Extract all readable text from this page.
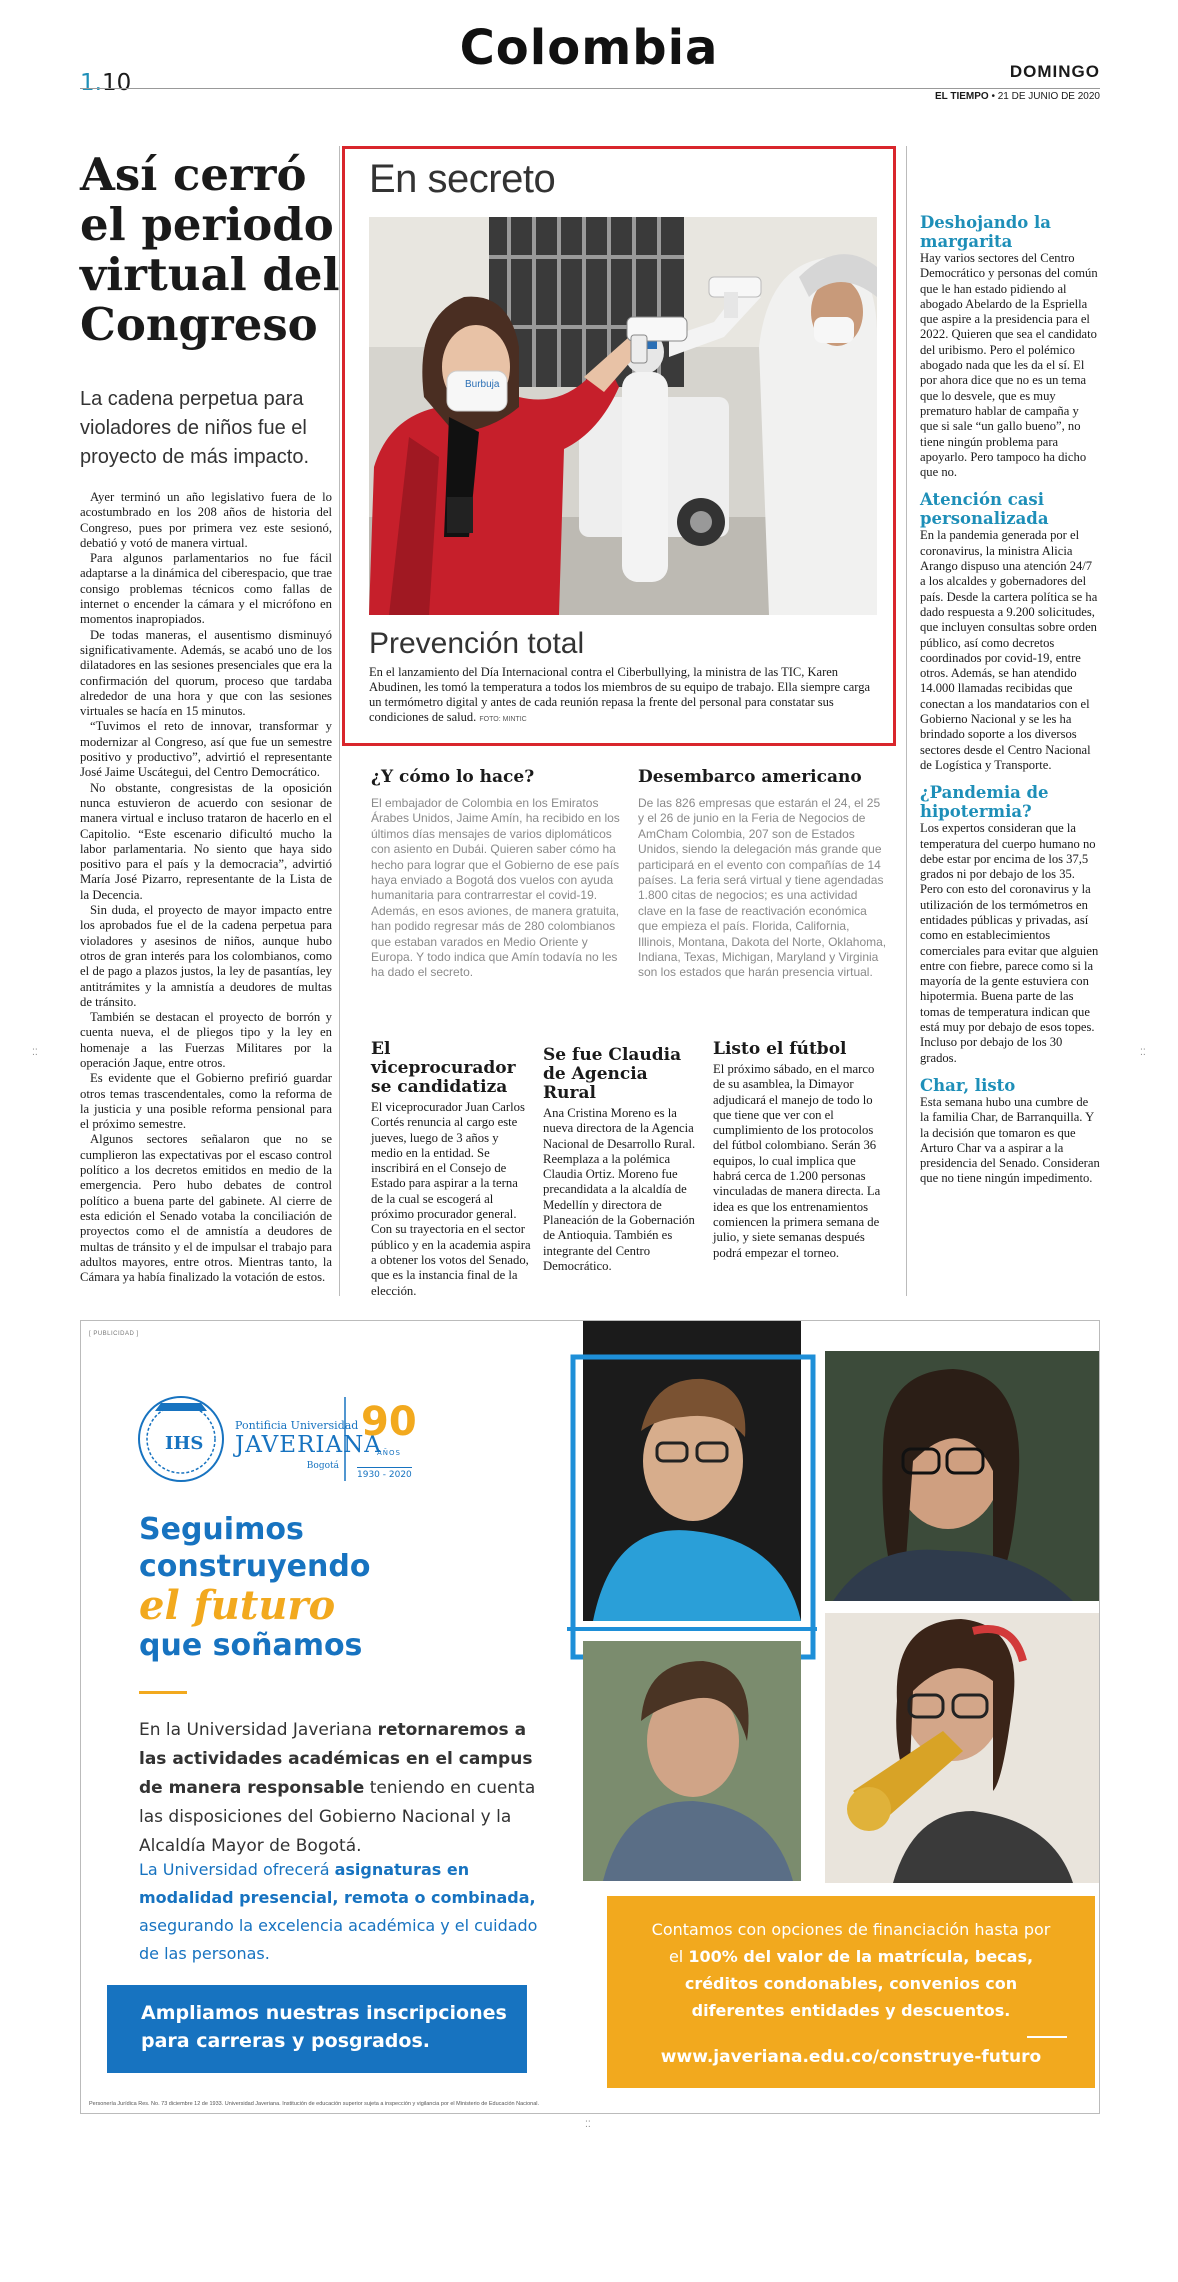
1.10
Colombia	DOMINGO
EL TIEMPO • 21 DE JUNIO DE 2020
Así cerró el periodo virtual del Congreso
La cadena perpetua para violadores de niños fue el proyecto de más impacto.

Ayer terminó un año legislativo fuera de lo acostumbrado en los 208 años de historia del Congreso, pues por primera vez este sesionó, debatió y votó de manera virtual.

Para algunos parlamentarios no fue fácil adaptarse a la dinámica del ciberespacio, que trae consigo problemas técnicos como fallas de internet o encender la cámara y el micrófono en momentos inapropiados.

De todas maneras, el ausentismo disminuyó significativamente. Además, se acabó uno de los dilatadores en las sesiones presenciales que era la confirmación del quorum, proceso que tardaba alrededor de una hora y que con las sesiones virtuales se hacía en 15 minutos.

“Tuvimos el reto de innovar, transformar y modernizar al Congreso, así que fue un semestre positivo y productivo”, advirtió el representante José Jaime Uscátegui, del Centro Democrático.

No obstante, congresistas de la oposición nunca estuvieron de acuerdo con sesionar de manera virtual e incluso trataron de hacerlo en el Capitolio. “Este escenario dificultó mucho la labor parlamentaria. No siento que haya sido positivo para el país y la democracia”, advirtió María José Pizarro, representante de la Lista de la Decencia.

Sin duda, el proyecto de mayor impacto entre los aprobados fue el de la cadena perpetua para violadores y asesinos de niños, aunque hubo otros de gran interés para los colombianos, como el de pago a plazos justos, la ley de pasantías, ley antitrámites y la amnistía a deudores de multas de tránsito.

También se destacan el proyecto de borrón y cuenta nueva, el de pliegos tipo y la ley en homenaje a las Fuerzas Militares por la operación Jaque, entre otros.

Es evidente que el Gobierno prefirió guardar otros temas trascendentales, como la reforma de la justicia y una posible reforma pensional para el próximo semestre.

Algunos sectores señalaron que no se cumplieron las expectativas por el escaso control político a los decretos emitidos en medio de la emergencia. Pero hubo debates de control político a buena parte del gabinete. Al cierre de esta edición el Senado votaba la conciliación de proyectos como el de amnistía a deudores de multas de tránsito y el de impulsar el trabajo para adultos mayores, entre otros. Mientras tanto, la Cámara ya había finalizado la votación de estos.

En secreto
Burbuja
Prevención total
En el lanzamiento del Día Internacional contra el Ciberbullying, la ministra de las TIC, Karen Abudinen, les tomó la temperatura a todos los miembros de su equipo de trabajo. Ella siempre carga un termómetro digital y antes de cada reunión repasa la frente del personal para constatar sus condiciones de salud. FOTO: MINTIC
¿Y cómo lo hace?
El embajador de Colombia en los Emiratos Árabes Unidos, Jaime Amín, ha recibido en los últimos días mensajes de varios diplomáticos con asiento en Dubái. Quieren saber cómo ha hecho para lograr que el Gobierno de ese país haya enviado a Bogotá dos vuelos con ayuda humanitaria para contrarrestar el covid-19. Además, en esos aviones, de manera gratuita, han podido regresar más de 280 colombianos que estaban varados en Medio Oriente y Europa. Y todo indica que Amín todavía no les ha dado el secreto.
Desembarco americano
De las 826 empresas que estarán el 24, el 25 y el 26 de junio en la Feria de Negocios de AmCham Colombia, 207 son de Estados Unidos, siendo la delegación más grande que participará en el evento con compañías de 14 países. La feria será virtual y tiene agendadas 1.800 citas de negocios; es una actividad clave en la fase de reactivación económica que empieza el país. Florida, California, Illinois, Montana, Dakota del Norte, Oklahoma, Indiana, Texas, Michigan, Maryland y Virginia son los estados que harán presencia virtual.
El viceprocurador se candidatiza
El viceprocurador Juan Carlos Cortés renuncia al cargo este jueves, luego de 3 años y medio en la entidad. Se inscribirá en el Consejo de Estado para aspirar a la terna de la cual se escogerá al próximo procurador general. Con su trayectoria en el sector público y en la academia aspira a obtener los votos del Senado, que es la instancia final de la elección.
Se fue Claudia de Agencia Rural
Ana Cristina Moreno es la nueva directora de la Agencia Nacional de Desarrollo Rural. Reemplaza a la polémica Claudia Ortiz. Moreno fue precandidata a la alcaldía de Medellín y directora de Planeación de la Gobernación de Antioquia. También es integrante del Centro Democrático.
Listo el fútbol
El próximo sábado, en el marco de su asamblea, la Dimayor adjudicará el manejo de todo lo que tiene que ver con el cumplimiento de los protocolos del fútbol colombiano. Serán 36 equipos, lo cual implica que habrá cerca de 1.200 personas vinculadas de manera directa. La idea es que los entrenamientos comiencen la primera semana de julio, y siete semanas después podrá empezar el torneo.
Deshojando la margarita
Hay varios sectores del Centro Democrático y personas del común que le han estado pidiendo al abogado Abelardo de la Espriella que aspire a la presidencia para el 2022. Quieren que sea el candidato del uribismo. Pero el polémico abogado nada que les da el sí. El por ahora dice que no es un tema que lo desvele, que es muy prematuro hablar de campaña y que si sale “un gallo bueno”, no tiene ningún problema para apoyarlo. Pero tampoco ha dicho que no.
Atención casi personalizada
En la pandemia generada por el coronavirus, la ministra Alicia Arango dispuso una atención 24/7 a los alcaldes y gobernadores del país. Desde la cartera política se ha dado respuesta a 9.200 solicitudes, que incluyen consultas sobre orden público, así como decretos coordinados por covid-19, entre otros. Además, se han atendido 14.000 llamadas recibidas que conectan a los mandatarios con el Gobierno Nacional y se les ha brindado soporte a los diversos sectores desde el Centro Nacional de Logística y Transporte.
¿Pandemia de hipotermia?
Los expertos consideran que la temperatura del cuerpo humano no debe estar por encima de los 37,5 grados ni por debajo de los 35. Pero con esto del coronavirus y la utilización de los termómetros en entidades públicas y privadas, así como en establecimientos comerciales para evitar que alguien entre con fiebre, parece como si la mayoría de la gente estuviera con hipotermia. Buena parte de las tomas de temperatura indican que está muy por debajo de esos topes. Incluso por debajo de los 30 grados.
Char, listo
Esta semana hubo una cumbre de la familia Char, de Barranquilla. Y la decisión que tomaron es que Arturo Char va a aspirar a la presidencia del Senado. Consideran que no tiene ningún impedimento.
⁚⁚	⁚⁚
[ PUBLICIDAD ]
IHS
Pontificia Universidad
JAVERIANA
Bogotá
90
AÑOS
1930 - 2020
Seguimos
construyendo
el futuro
que soñamos
En la Universidad Javeriana retornaremos a las actividades académicas en el campus de manera responsable teniendo en cuenta las disposiciones del Gobierno Nacional y la Alcaldía Mayor de Bogotá.
La Universidad ofrecerá asignaturas en modalidad presencial, remota o combinada, asegurando la excelencia académica y el cuidado de las personas.
Ampliamos nuestras inscripciones para carreras y posgrados.
Contamos con opciones de financiación hasta por el 100% del valor de la matrícula, becas, créditos condonables, convenios con diferentes entidades y descuentos.
www.javeriana.edu.co/construye-futuro
Personería Jurídica Res. No. 73 diciembre 12 de 1933. Universidad Javeriana. Institución de educación superior sujeta a inspección y vigilancia por el Ministerio de Educación Nacional.
⁚⁚
